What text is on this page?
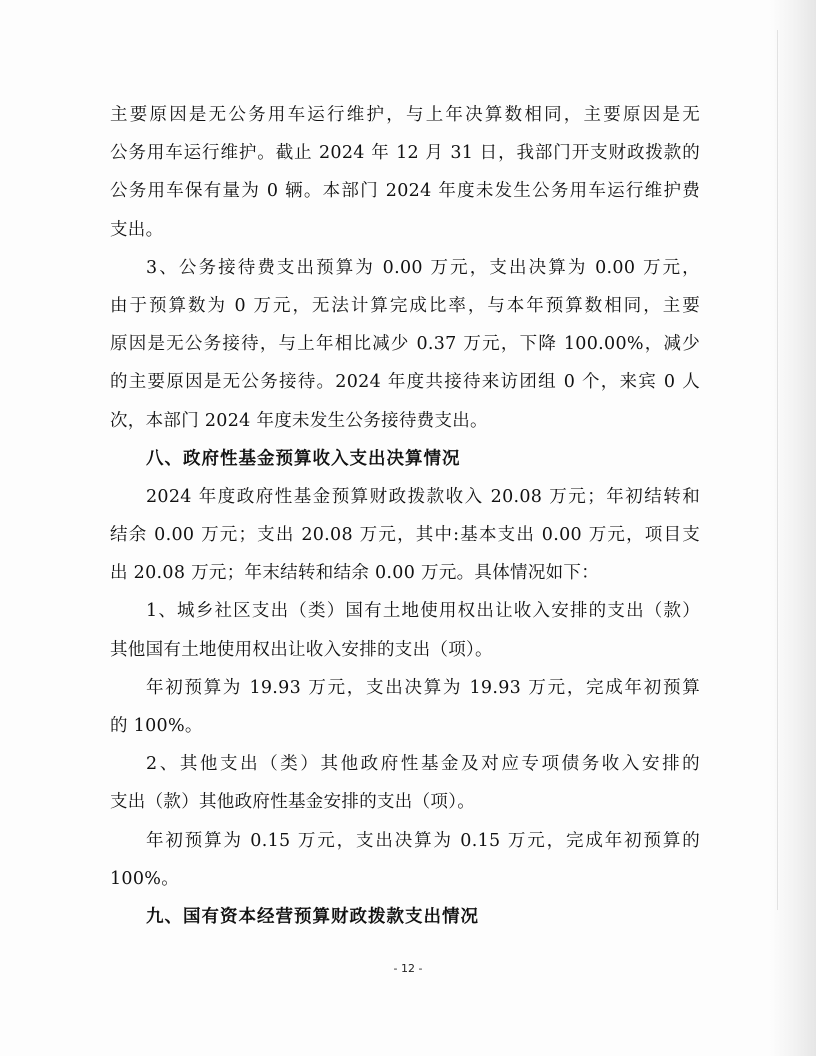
主要原因是无公务用车运行维护，与上年决算数相同，主要原因是无
公务用车运行维护。截止 2024 年 12 月 31 日，我部门开支财政拨款的
公务用车保有量为 0 辆。本部门 2024 年度未发生公务用车运行维护费
支出。
3、公务接待费支出预算为 0.00 万元，支出决算为 0.00 万元，
由于预算数为 0 万元，无法计算完成比率，与本年预算数相同，主要
原因是无公务接待，与上年相比减少 0.37 万元，下降 100.00%，减少
的主要原因是无公务接待。2024 年度共接待来访团组 0 个，来宾 0 人
次，本部门 2024 年度未发生公务接待费支出。
八、政府性基金预算收入支出决算情况
2024 年度政府性基金预算财政拨款收入 20.08 万元；年初结转和
结余 0.00 万元；支出 20.08 万元，其中:基本支出 0.00 万元，项目支
出 20.08 万元；年末结转和结余 0.00 万元。具体情况如下：
1、城乡社区支出（类）国有土地使用权出让收入安排的支出（款）
其他国有土地使用权出让收入安排的支出（项）。
年初预算为 19.93 万元，支出决算为 19.93 万元，完成年初预算
的 100%。
2、其他支出（类）其他政府性基金及对应专项债务收入安排的
支出（款）其他政府性基金安排的支出（项）。
年初预算为 0.15 万元，支出决算为 0.15 万元，完成年初预算的
100%。
九、国有资本经营预算财政拨款支出情况
- 12 -
